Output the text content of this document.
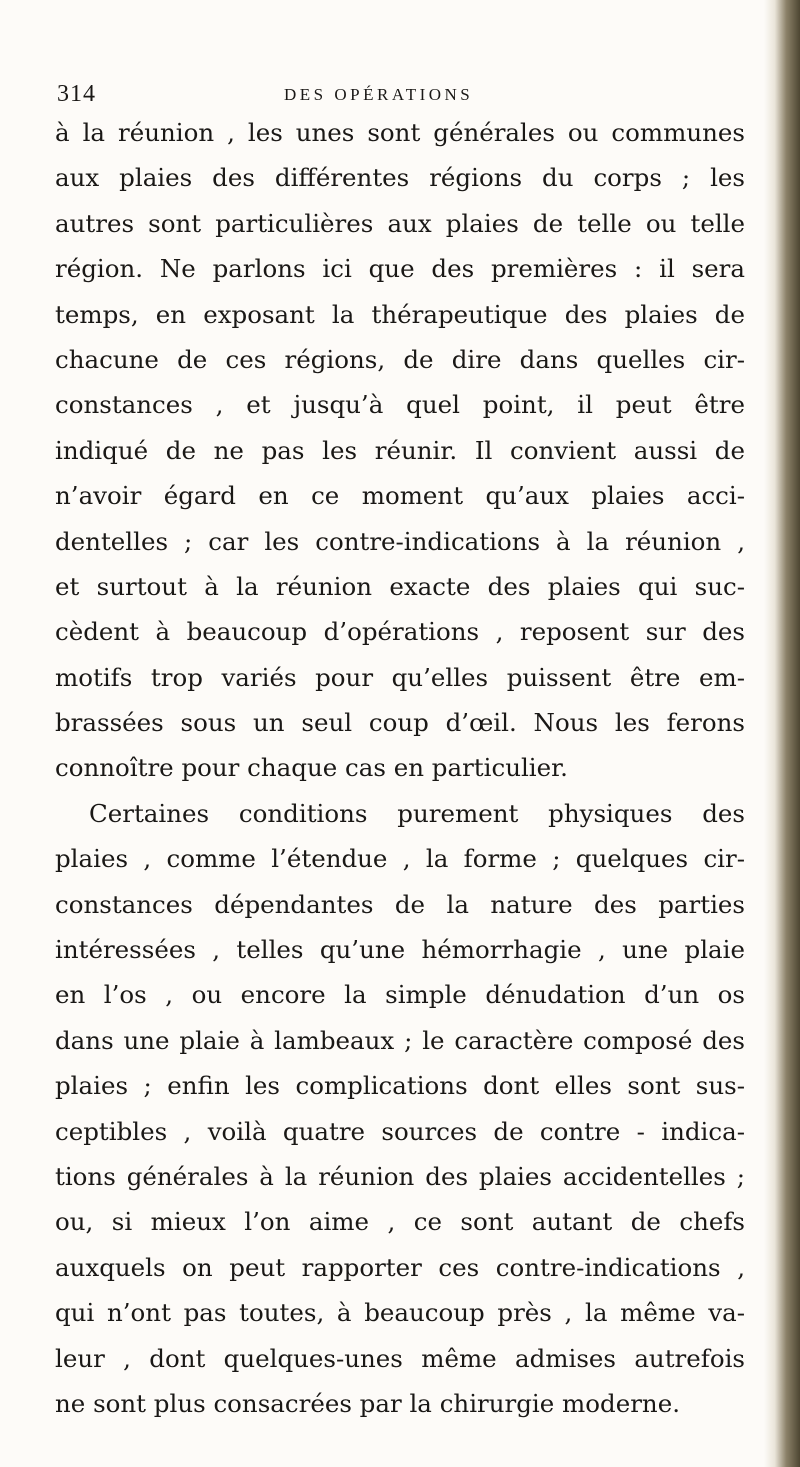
314	DES OPÉRATIONS
à la réunion , les unes sont générales ou communes
aux plaies des différentes régions du corps ; les
autres sont particulières aux plaies de telle ou telle
région. Ne parlons ici que des premières : il sera
temps, en exposant la thérapeutique des plaies de
chacune de ces régions, de dire dans quelles cir-
constances , et jusqu’à quel point, il peut être
indiqué de ne pas les réunir. Il convient aussi de
n’avoir égard en ce moment qu’aux plaies acci-
dentelles ; car les contre-indications à la réunion ,
et surtout à la réunion exacte des plaies qui suc-
cèdent à beaucoup d’opérations , reposent sur des
motifs trop variés pour qu’elles puissent être em-
brassées sous un seul coup d’œil. Nous les ferons
connoître pour chaque cas en particulier.
Certaines conditions purement physiques des
plaies , comme l’étendue , la forme ; quelques cir-
constances dépendantes de la nature des parties
intéressées , telles qu’une hémorrhagie , une plaie
en l’os , ou encore la simple dénudation d’un os
dans une plaie à lambeaux ; le caractère composé des
plaies ; enfin les complications dont elles sont sus-
ceptibles , voilà quatre sources de contre - indica-
tions générales à la réunion des plaies accidentelles ;
ou, si mieux l’on aime , ce sont autant de chefs
auxquels on peut rapporter ces contre-indications ,
qui n’ont pas toutes, à beaucoup près , la même va-
leur , dont quelques-unes même admises autrefois
ne sont plus consacrées par la chirurgie moderne.
